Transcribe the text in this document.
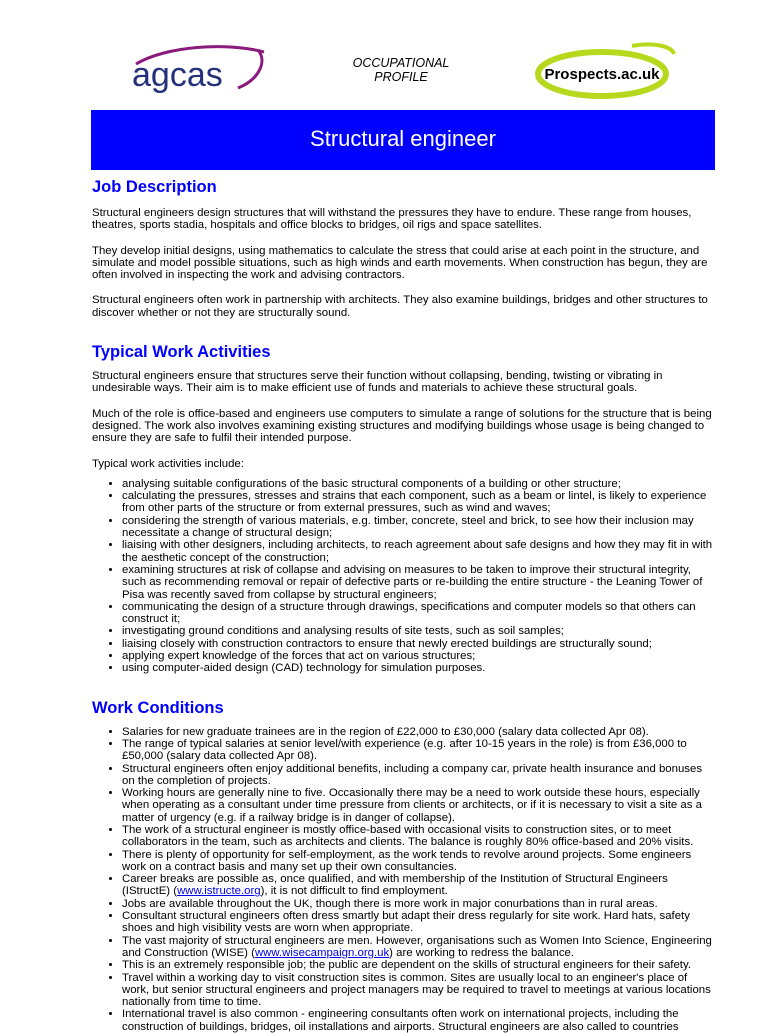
agcas	OCCUPATIONAL
PROFILE	Prospects.ac.uk
Structural engineer
Job Description

Structural engineers design structures that will withstand the pressures they have to endure. These range from houses, theatres, sports stadia, hospitals and office blocks to bridges, oil rigs and space satellites.

They develop initial designs, using mathematics to calculate the stress that could arise at each point in the structure, and simulate and model possible situations, such as high winds and earth movements. When construction has begun, they are often involved in inspecting the work and advising contractors.

Structural engineers often work in partnership with architects. They also examine buildings, bridges and other structures to discover whether or not they are structurally sound.

Typical Work Activities

Structural engineers ensure that structures serve their function without collapsing, bending, twisting or vibrating in undesirable ways. Their aim is to make efficient use of funds and materials to achieve these structural goals.

Much of the role is office-based and engineers use computers to simulate a range of solutions for the structure that is being designed. The work also involves examining existing structures and modifying buildings whose usage is being changed to ensure they are safe to fulfil their intended purpose.

Typical work activities include:

• analysing suitable configurations of the basic structural components of a building or other structure;
• calculating the pressures, stresses and strains that each component, such as a beam or lintel, is likely to experience from other parts of the structure or from external pressures, such as wind and waves;
• considering the strength of various materials, e.g. timber, concrete, steel and brick, to see how their inclusion may necessitate a change of structural design;
• liaising with other designers, including architects, to reach agreement about safe designs and how they may fit in with the aesthetic concept of the construction;
• examining structures at risk of collapse and advising on measures to be taken to improve their structural integrity, such as recommending removal or repair of defective parts or re-building the entire structure - the Leaning Tower of Pisa was recently saved from collapse by structural engineers;
• communicating the design of a structure through drawings, specifications and computer models so that others can construct it;
• investigating ground conditions and analysing results of site tests, such as soil samples;
• liaising closely with construction contractors to ensure that newly erected buildings are structurally sound;
• applying expert knowledge of the forces that act on various structures;
• using computer-aided design (CAD) technology for simulation purposes.
Work Conditions
• Salaries for new graduate trainees are in the region of £22,000 to £30,000 (salary data collected Apr 08).
• The range of typical salaries at senior level/with experience (e.g. after 10-15 years in the role) is from £36,000 to £50,000 (salary data collected Apr 08).
• Structural engineers often enjoy additional benefits, including a company car, private health insurance and bonuses on the completion of projects.
• Working hours are generally nine to five. Occasionally there may be a need to work outside these hours, especially when operating as a consultant under time pressure from clients or architects, or if it is necessary to visit a site as a matter of urgency (e.g. if a railway bridge is in danger of collapse).
• The work of a structural engineer is mostly office-based with occasional visits to construction sites, or to meet collaborators in the team, such as architects and clients. The balance is roughly 80% office-based and 20% visits.
• There is plenty of opportunity for self-employment, as the work tends to revolve around projects. Some engineers work on a contract basis and many set up their own consultancies.
• Career breaks are possible as, once qualified, and with membership of the Institution of Structural Engineers (IStructE) (www.istructe.org), it is not difficult to find employment.
• Jobs are available throughout the UK, though there is more work in major conurbations than in rural areas.
• Consultant structural engineers often dress smartly but adapt their dress regularly for site work. Hard hats, safety shoes and high visibility vests are worn when appropriate.
• The vast majority of structural engineers are men. However, organisations such as Women Into Science, Engineering and Construction (WISE) (www.wisecampaign.org.uk) are working to redress the balance.
• This is an extremely responsible job; the public are dependent on the skills of structural engineers for their safety.
• Travel within a working day to visit construction sites is common. Sites are usually local to an engineer's place of work, but senior structural engineers and project managers may be required to travel to meetings at various locations nationally from time to time.
• International travel is also common - engineering consultants often work on international projects, including the construction of buildings, bridges, oil installations and airports. Structural engineers are also called to countries
